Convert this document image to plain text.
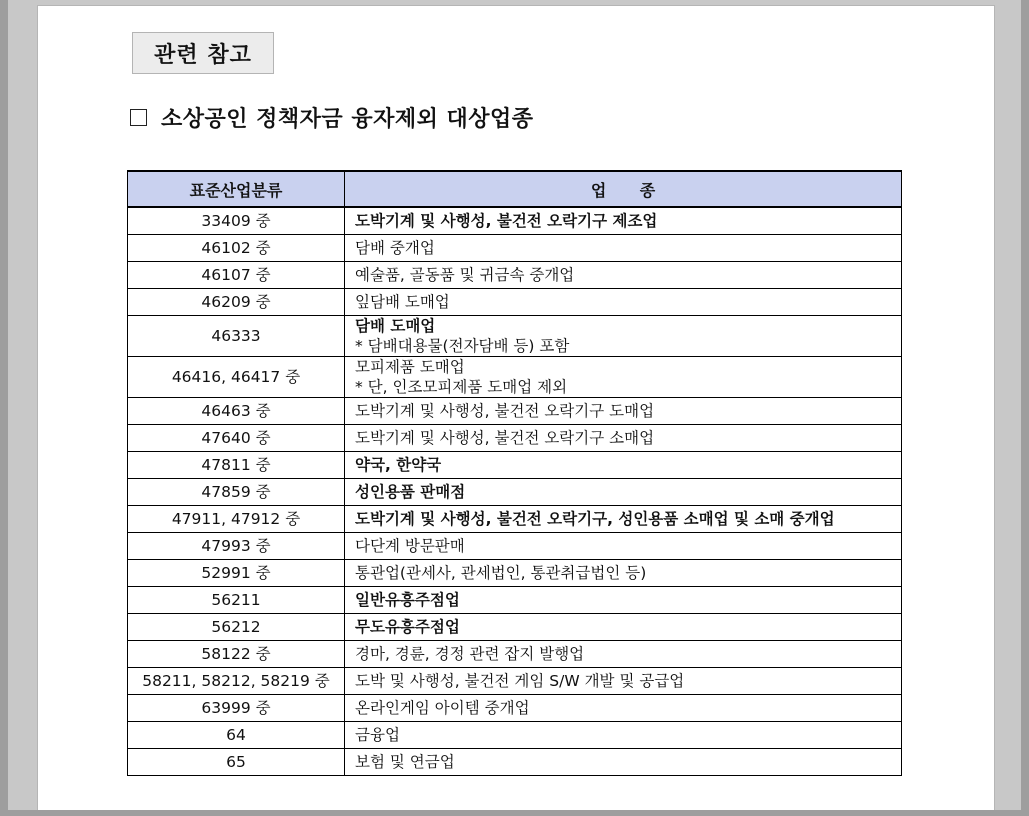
관련 참고
소상공인 정책자금 융자제외 대상업종
표준산업분류	업      종
33409 중	도박기계 및 사행성, 불건전 오락기구 제조업
46102 중	담배 중개업
46107 중	예술품, 골동품 및 귀금속 중개업
46209 중	잎담배 도매업
46333	담배 도매업
* 담배대용물(전자담배 등) 포함

46416, 46417 중	모피제품 도매업
* 단, 인조모피제품 도매업 제외

46463 중	도박기계 및 사행성, 불건전 오락기구 도매업
47640 중	도박기계 및 사행성, 불건전 오락기구 소매업
47811 중	약국, 한약국
47859 중	성인용품 판매점
47911, 47912 중	도박기계 및 사행성, 불건전 오락기구, 성인용품 소매업 및 소매 중개업
47993 중	다단계 방문판매
52991 중	통관업(관세사, 관세법인, 통관취급법인 등)
56211	일반유흥주점업
56212	무도유흥주점업
58122 중	경마, 경륜, 경정 관련 잡지 발행업
58211, 58212, 58219 중	도박 및 사행성, 불건전 게임 S/W 개발 및 공급업
63999 중	온라인게임 아이템 중개업
64	금융업
65	보험 및 연금업
